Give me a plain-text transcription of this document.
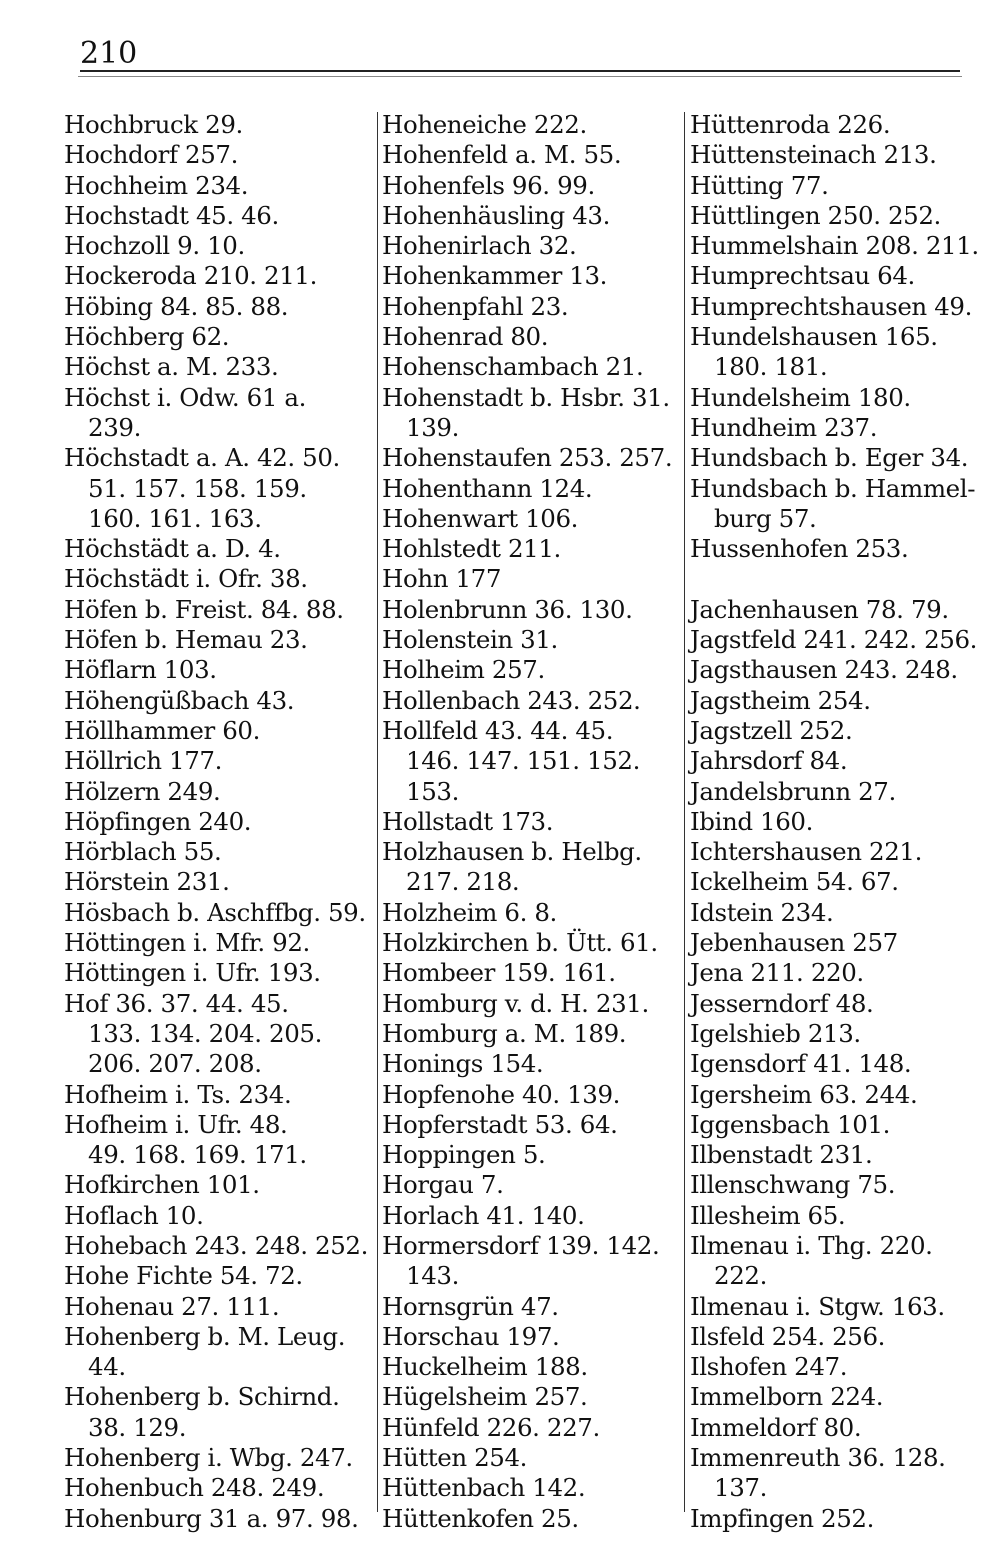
210
Hochbruck 29.
Hochdorf 257.
Hochheim 234.
Hochstadt 45. 46.
Hochzoll 9. 10.
Hockeroda 210. 211.
Höbing 84. 85. 88.
Höchberg 62.
Höchst a. M. 233.
Höchst i. Odw. 61 a.
239.
Höchstadt a. A. 42. 50.
51. 157. 158. 159.
160. 161. 163.
Höchstädt a. D. 4.
Höchstädt i. Ofr. 38.
Höfen b. Freist. 84. 88.
Höfen b. Hemau 23.
Höflarn 103.
Höhengüßbach 43.
Höllhammer 60.
Höllrich 177.
Hölzern 249.
Höpfingen 240.
Hörblach 55.
Hörstein 231.
Hösbach b. Aschffbg. 59.
Höttingen i. Mfr. 92.
Höttingen i. Ufr. 193.
Hof 36. 37. 44. 45.
133. 134. 204. 205.
206. 207. 208.
Hofheim i. Ts. 234.
Hofheim i. Ufr. 48.
49. 168. 169. 171.
Hofkirchen 101.
Hoflach 10.
Hohebach 243. 248. 252.
Hohe Fichte 54. 72.
Hohenau 27. 111.
Hohenberg b. M. Leug.
44.
Hohenberg b. Schirnd.
38. 129.
Hohenberg i. Wbg. 247.
Hohenbuch 248. 249.
Hohenburg 31 a. 97. 98.
Hoheneiche 222.
Hohenfeld a. M. 55.
Hohenfels 96. 99.
Hohenhäusling 43.
Hohenirlach 32.
Hohenkammer 13.
Hohenpfahl 23.
Hohenrad 80.
Hohenschambach 21.
Hohenstadt b. Hsbr. 31.
139.
Hohenstaufen 253. 257.
Hohenthann 124.
Hohenwart 106.
Hohlstedt 211.
Hohn 177
Holenbrunn 36. 130.
Holenstein 31.
Holheim 257.
Hollenbach 243. 252.
Hollfeld 43. 44. 45.
146. 147. 151. 152.
153.
Hollstadt 173.
Holzhausen b. Helbg.
217. 218.
Holzheim 6. 8.
Holzkirchen b. Ütt. 61.
Hombeer 159. 161.
Homburg v. d. H. 231.
Homburg a. M. 189.
Honings 154.
Hopfenohe 40. 139.
Hopferstadt 53. 64.
Hoppingen 5.
Horgau 7.
Horlach 41. 140.
Hormersdorf 139. 142.
143.
Hornsgrün 47.
Horschau 197.
Huckelheim 188.
Hügelsheim 257.
Hünfeld 226. 227.
Hütten 254.
Hüttenbach 142.
Hüttenkofen 25.
Hüttenroda 226.
Hüttensteinach 213.
Hütting 77.
Hüttlingen 250. 252.
Hummelshain 208. 211.
Humprechtsau 64.
Humprechtshausen 49.
Hundelshausen 165.
180. 181.
Hundelsheim 180.
Hundheim 237.
Hundsbach b. Eger 34.
Hundsbach b. Hammel-
burg 57.
Hussenhofen 253.
Jachenhausen 78. 79.
Jagstfeld 241. 242. 256.
Jagsthausen 243. 248.
Jagstheim 254.
Jagstzell 252.
Jahrsdorf 84.
Jandelsbrunn 27.
Ibind 160.
Ichtershausen 221.
Ickelheim 54. 67.
Idstein 234.
Jebenhausen 257
Jena 211. 220.
Jesserndorf 48.
Igelshieb 213.
Igensdorf 41. 148.
Igersheim 63. 244.
Iggensbach 101.
Ilbenstadt 231.
Illenschwang 75.
Illesheim 65.
Ilmenau i. Thg. 220.
222.
Ilmenau i. Stgw. 163.
Ilsfeld 254. 256.
Ilshofen 247.
Immelborn 224.
Immeldorf 80.
Immenreuth 36. 128.
137.
Impfingen 252.
